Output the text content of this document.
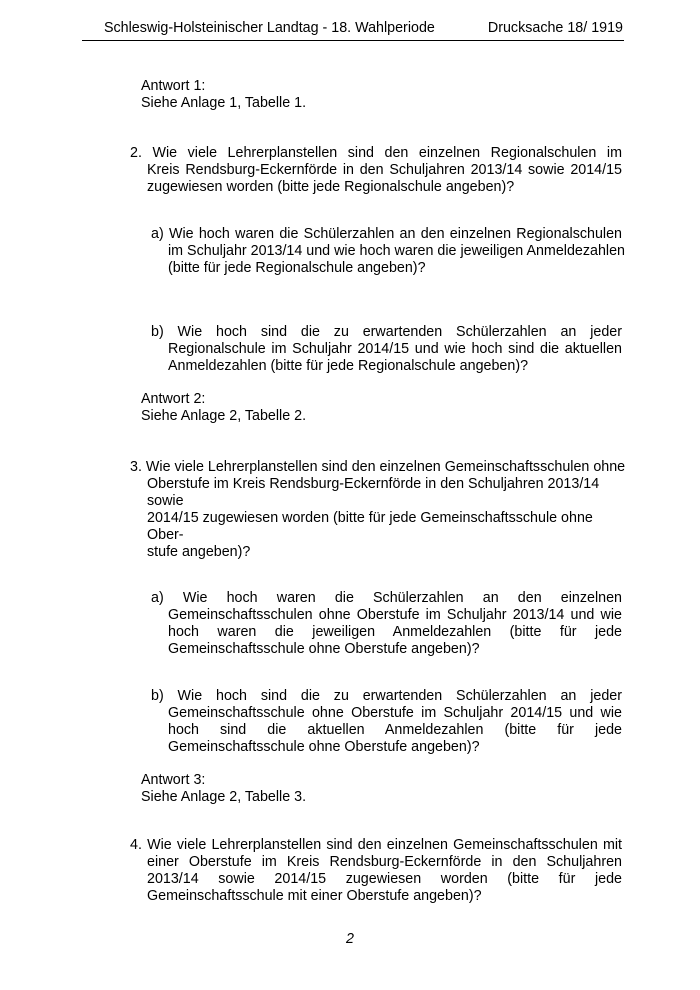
Schleswig-Holsteinischer Landtag - 18. Wahlperiode	Drucksache 18/ 1919
Antwort 1:
Siehe Anlage 1, Tabelle 1.
2. Wie viele Lehrerplanstellen sind den einzelnen Regionalschulen im
Kreis Rendsburg-Eckernförde in den Schuljahren 2013/14 sowie 2014/15
zugewiesen worden (bitte jede Regionalschule angeben)?
a) Wie hoch waren die Schülerzahlen an den einzelnen Regionalschulen
im Schuljahr 2013/14 und wie hoch waren die jeweiligen Anmeldezahlen
(bitte für jede Regionalschule angeben)?
b) Wie hoch sind die zu erwartenden Schülerzahlen an jeder
Regionalschule im Schuljahr 2014/15 und wie hoch sind die aktuellen
Anmeldezahlen (bitte für jede Regionalschule angeben)?
Antwort 2:
Siehe Anlage 2, Tabelle 2.
3. Wie viele Lehrerplanstellen sind den einzelnen Gemeinschaftsschulen ohne
Oberstufe im Kreis Rendsburg-Eckernförde in den Schuljahren 2013/14
sowie
2014/15 zugewiesen worden (bitte für jede Gemeinschaftsschule ohne
Ober-
stufe angeben)?
a) Wie hoch waren die Schülerzahlen an den einzelnen
Gemeinschaftsschulen ohne Oberstufe im Schuljahr 2013/14 und wie
hoch waren die jeweiligen Anmeldezahlen (bitte für jede
Gemeinschaftsschule ohne Oberstufe angeben)?
b) Wie hoch sind die zu erwartenden Schülerzahlen an jeder
Gemeinschaftsschule ohne Oberstufe im Schuljahr 2014/15 und wie
hoch sind die aktuellen Anmeldezahlen (bitte für jede
Gemeinschaftsschule ohne Oberstufe angeben)?
Antwort 3:
Siehe Anlage 2, Tabelle 3.
4. Wie viele Lehrerplanstellen sind den einzelnen Gemeinschaftsschulen mit
einer Oberstufe im Kreis Rendsburg-Eckernförde in den Schuljahren
2013/14 sowie 2014/15 zugewiesen worden (bitte für jede
Gemeinschaftsschule mit einer Oberstufe angeben)?
2
